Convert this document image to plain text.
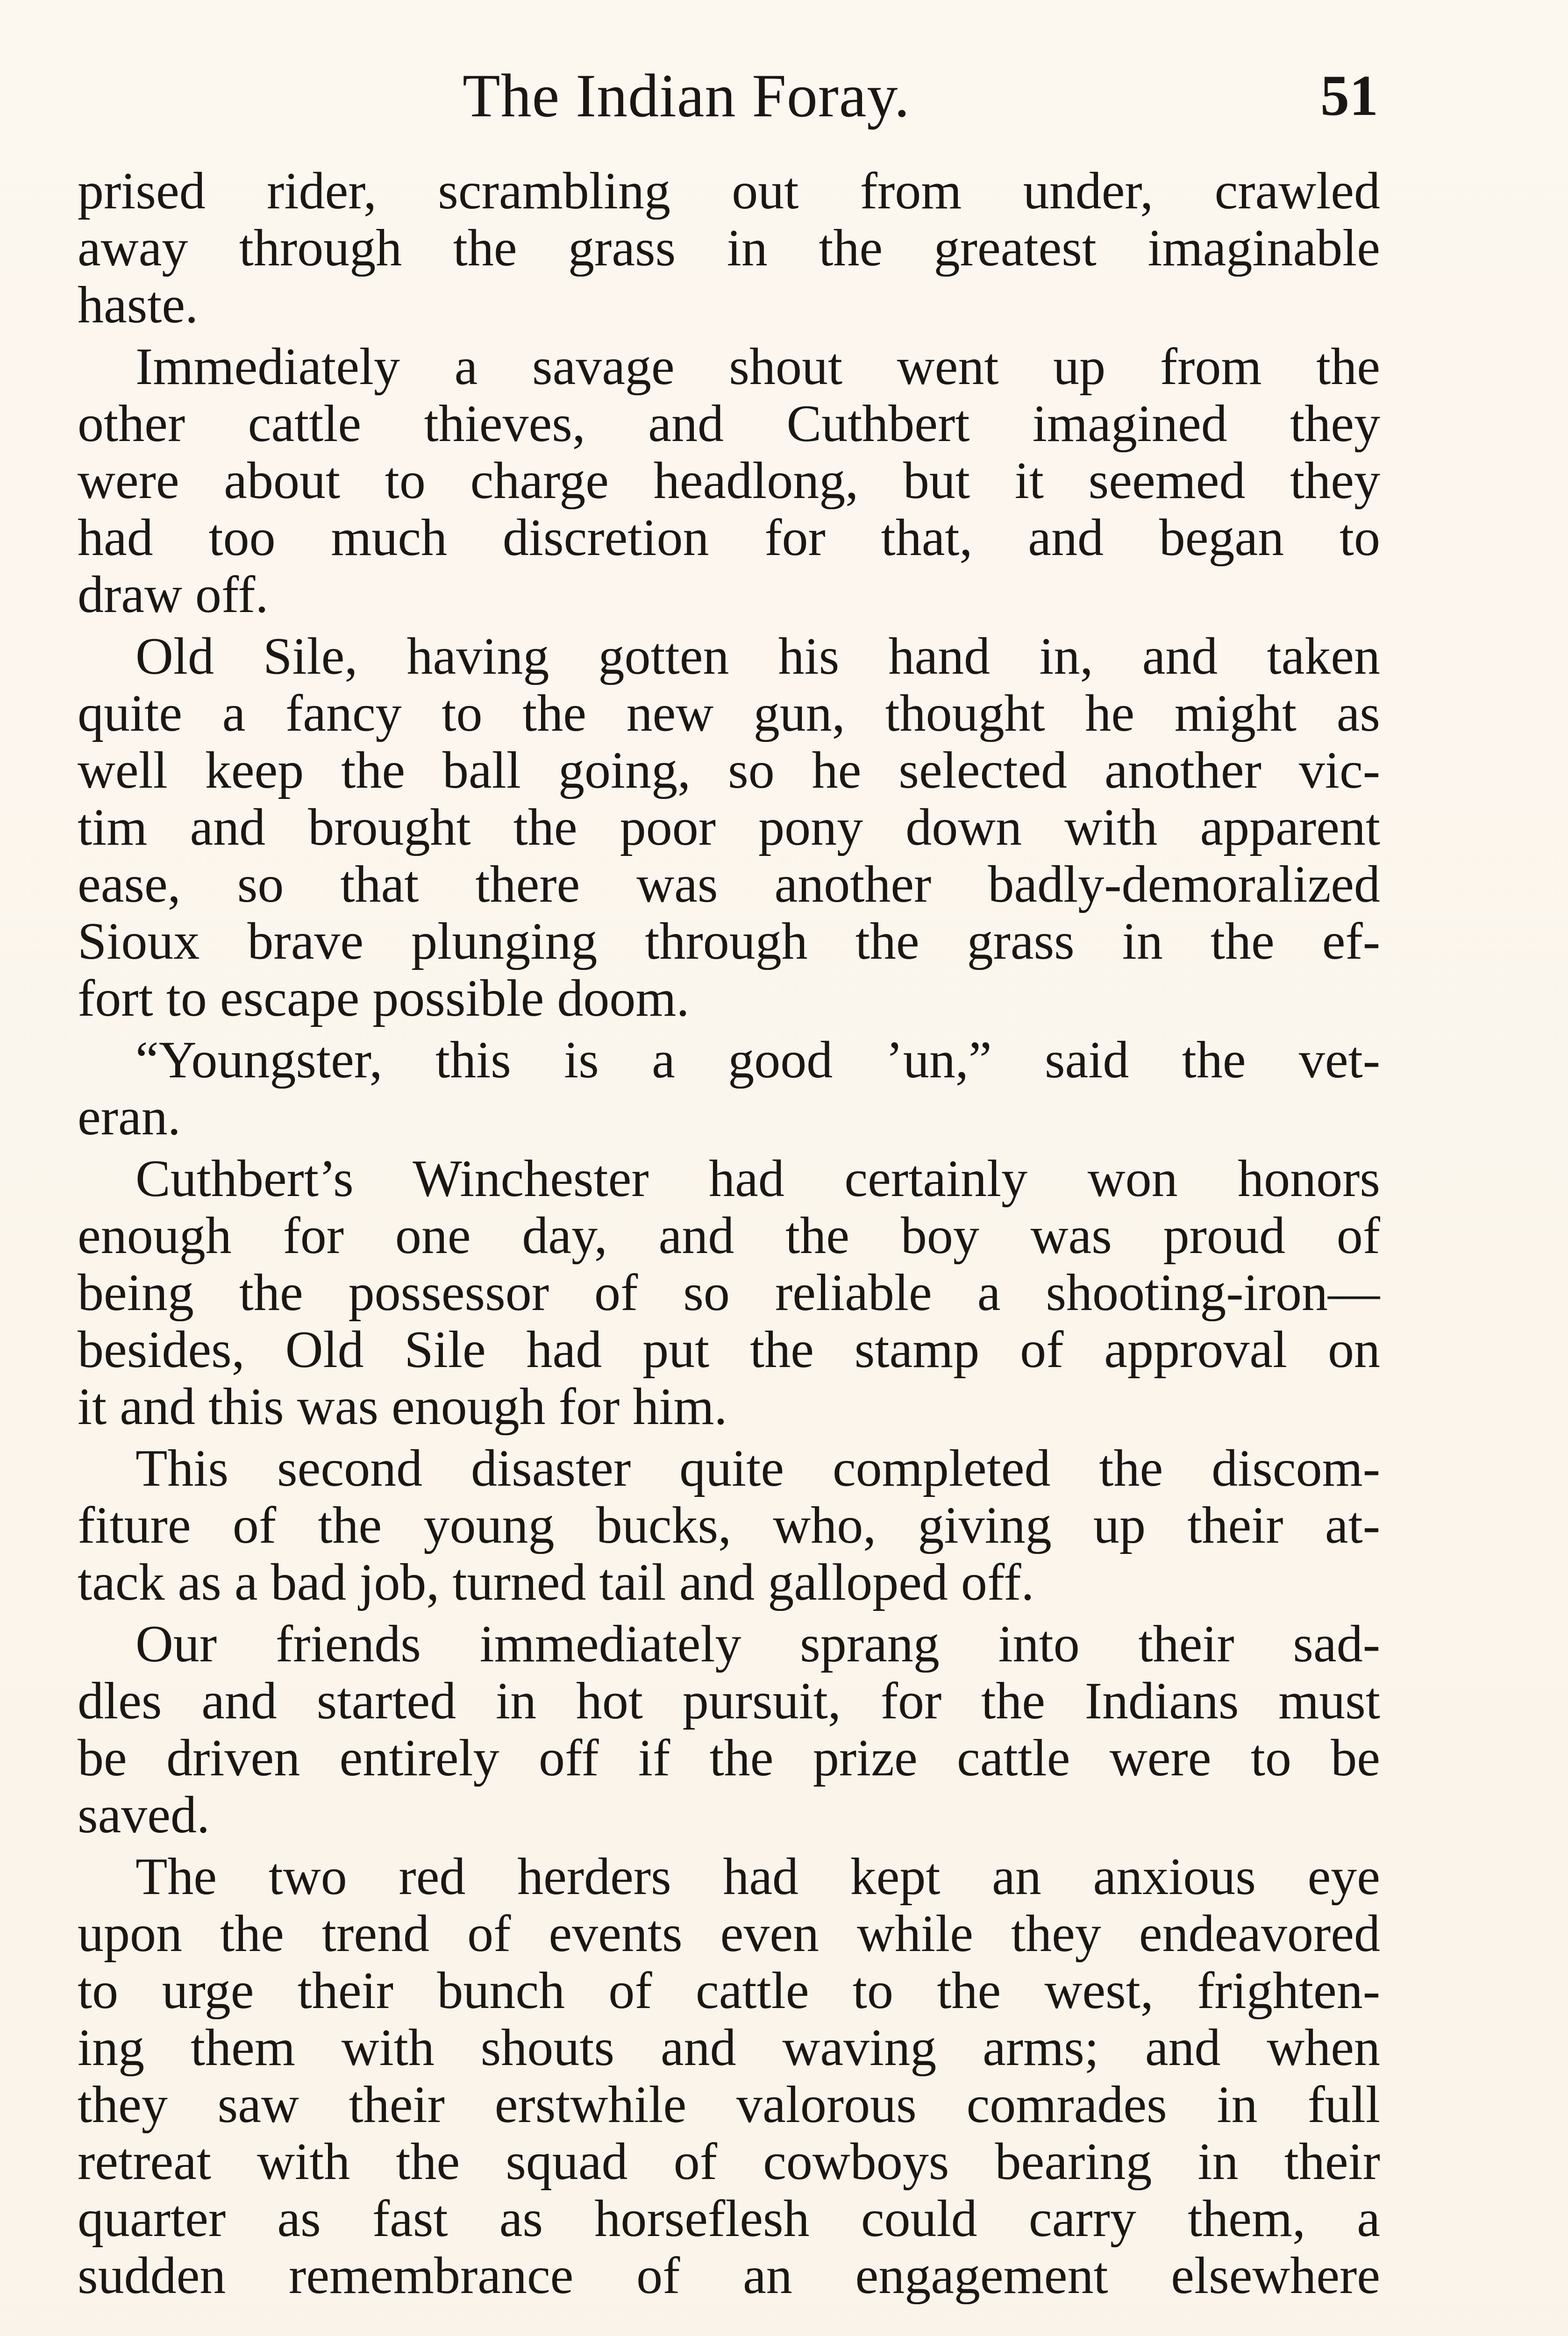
The Indian Foray.	51
prised rider, scrambling out from under, crawled
away through the grass in the greatest imaginable
haste.
Immediately a savage shout went up from the
other cattle thieves, and Cuthbert imagined they
were about to charge headlong, but it seemed they
had too much discretion for that, and began to
draw off.
Old Sile, having gotten his hand in, and taken
quite a fancy to the new gun, thought he might as
well keep the ball going, so he selected another vic-
tim and brought the poor pony down with apparent
ease, so that there was another badly-demoralized
Sioux brave plunging through the grass in the ef-
fort to escape possible doom.
“Youngster, this is a good ’un,” said the vet-
eran.
Cuthbert’s Winchester had certainly won honors
enough for one day, and the boy was proud of
being the possessor of so reliable a shooting-iron—
besides, Old Sile had put the stamp of approval on
it and this was enough for him.
This second disaster quite completed the discom-
fiture of the young bucks, who, giving up their at-
tack as a bad job, turned tail and galloped off.
Our friends immediately sprang into their sad-
dles and started in hot pursuit, for the Indians must
be driven entirely off if the prize cattle were to be
saved.
The two red herders had kept an anxious eye
upon the trend of events even while they endeavored
to urge their bunch of cattle to the west, frighten-
ing them with shouts and waving arms; and when
they saw their erstwhile valorous comrades in full
retreat with the squad of cowboys bearing in their
quarter as fast as horseflesh could carry them, a
sudden remembrance of an engagement elsewhere
